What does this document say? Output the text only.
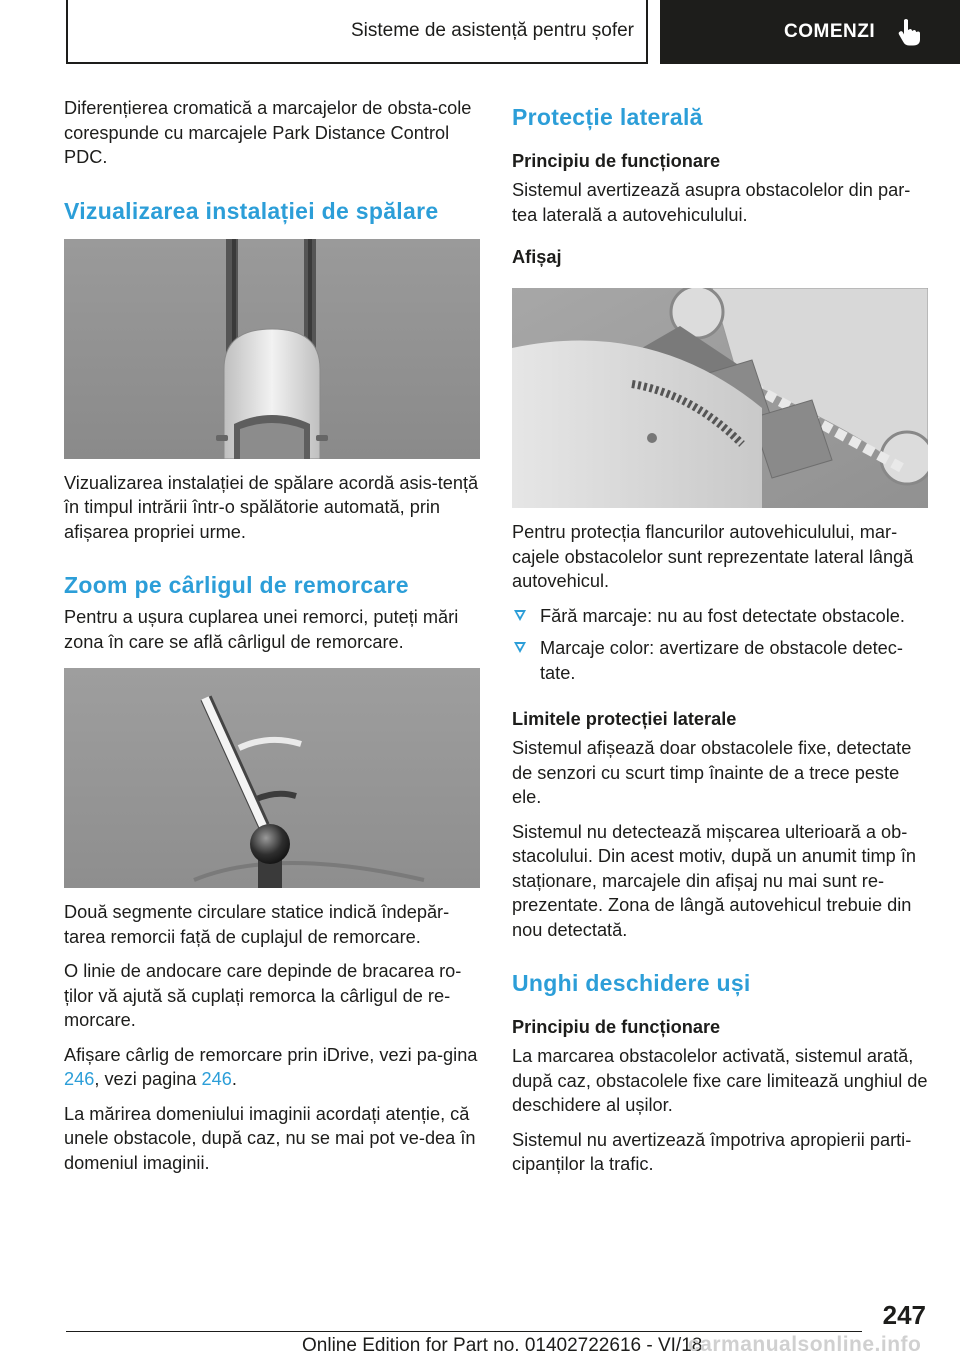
Sisteme de asistență pentru șofer	COMENZI

Diferențierea cromatică a marcajelor de obsta-cole corespunde cu marcajele Park Distance Control PDC.

Vizualizarea instalației de spălare

Vizualizarea instalației de spălare acordă asis-tență în timpul intrării într-o spălătorie automată, prin afișarea propriei urme.

Zoom pe cârligul de remorcare

Pentru a ușura cuplarea unei remorci, puteți mări zona în care se află cârligul de remorcare.

Două segmente circulare statice indică îndepăr-tarea remorcii față de cuplajul de remorcare.

O linie de andocare care depinde de bracarea ro-ților vă ajută să cuplați remorca la cârligul de re-morcare.

Afișare cârlig de remorcare prin iDrive, vezi pa-gina 246, vezi pagina 246.

La mărirea domeniului imaginii acordați atenție, că unele obstacole, după caz, nu se mai pot ve-dea în domeniul imaginii.

Protecție laterală
Principiu de funcționare

Sistemul avertizează asupra obstacolelor din par-tea laterală a autovehiculului.

Afișaj

Pentru protecția flancurilor autovehiculului, mar-cajele obstacolelor sunt reprezentate lateral lângă autovehicul.

Fără marcaje: nu au fost detectate obstacole.
Marcaje color: avertizare de obstacole detec-tate.
Limitele protecției laterale

Sistemul afișează doar obstacolele fixe, detectate de senzori cu scurt timp înainte de a trece peste ele.

Sistemul nu detectează mișcarea ulterioară a ob-stacolului. Din acest motiv, după un anumit timp în staționare, marcajele din afișaj nu mai sunt re-prezentate. Zona de lângă autovehicul trebuie din nou detectată.

Unghi deschidere uși
Principiu de funcționare

La marcarea obstacolelor activată, sistemul arată, după caz, obstacolele fixe care limitează unghiul de deschidere al ușilor.

Sistemul nu avertizează împotriva apropierii parti-cipanților la trafic.

247
Online Edition for Part no. 01402722616 - VI/18
carmanualsonline.info
